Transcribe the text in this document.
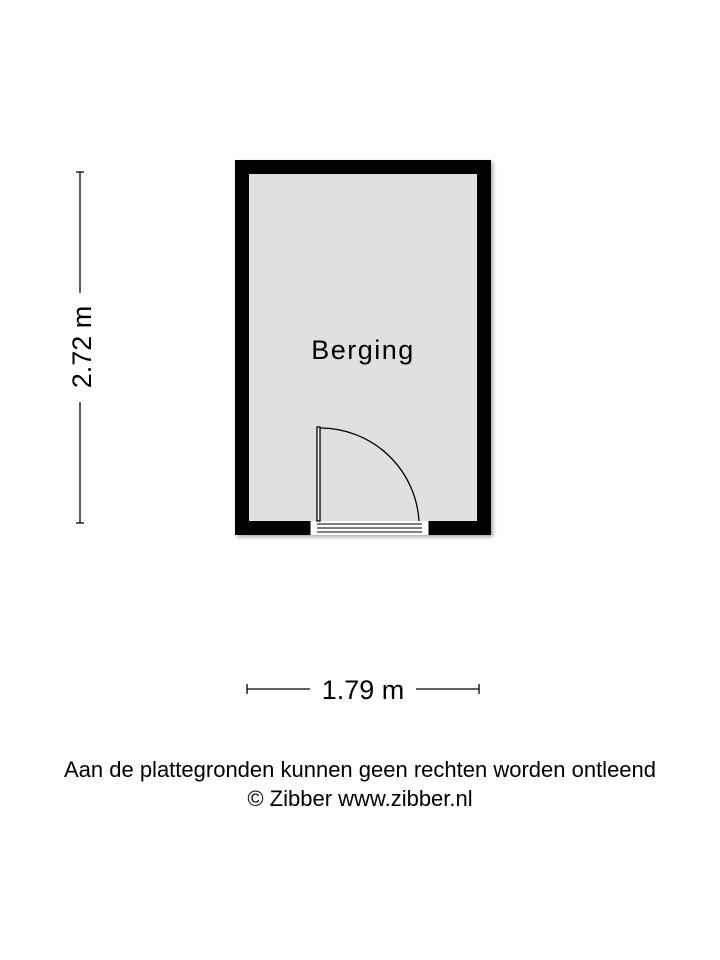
Berging
2.72 m
1.79 m
Aan de plattegronden kunnen geen rechten worden ontleend
© Zibber www.zibber.nl
